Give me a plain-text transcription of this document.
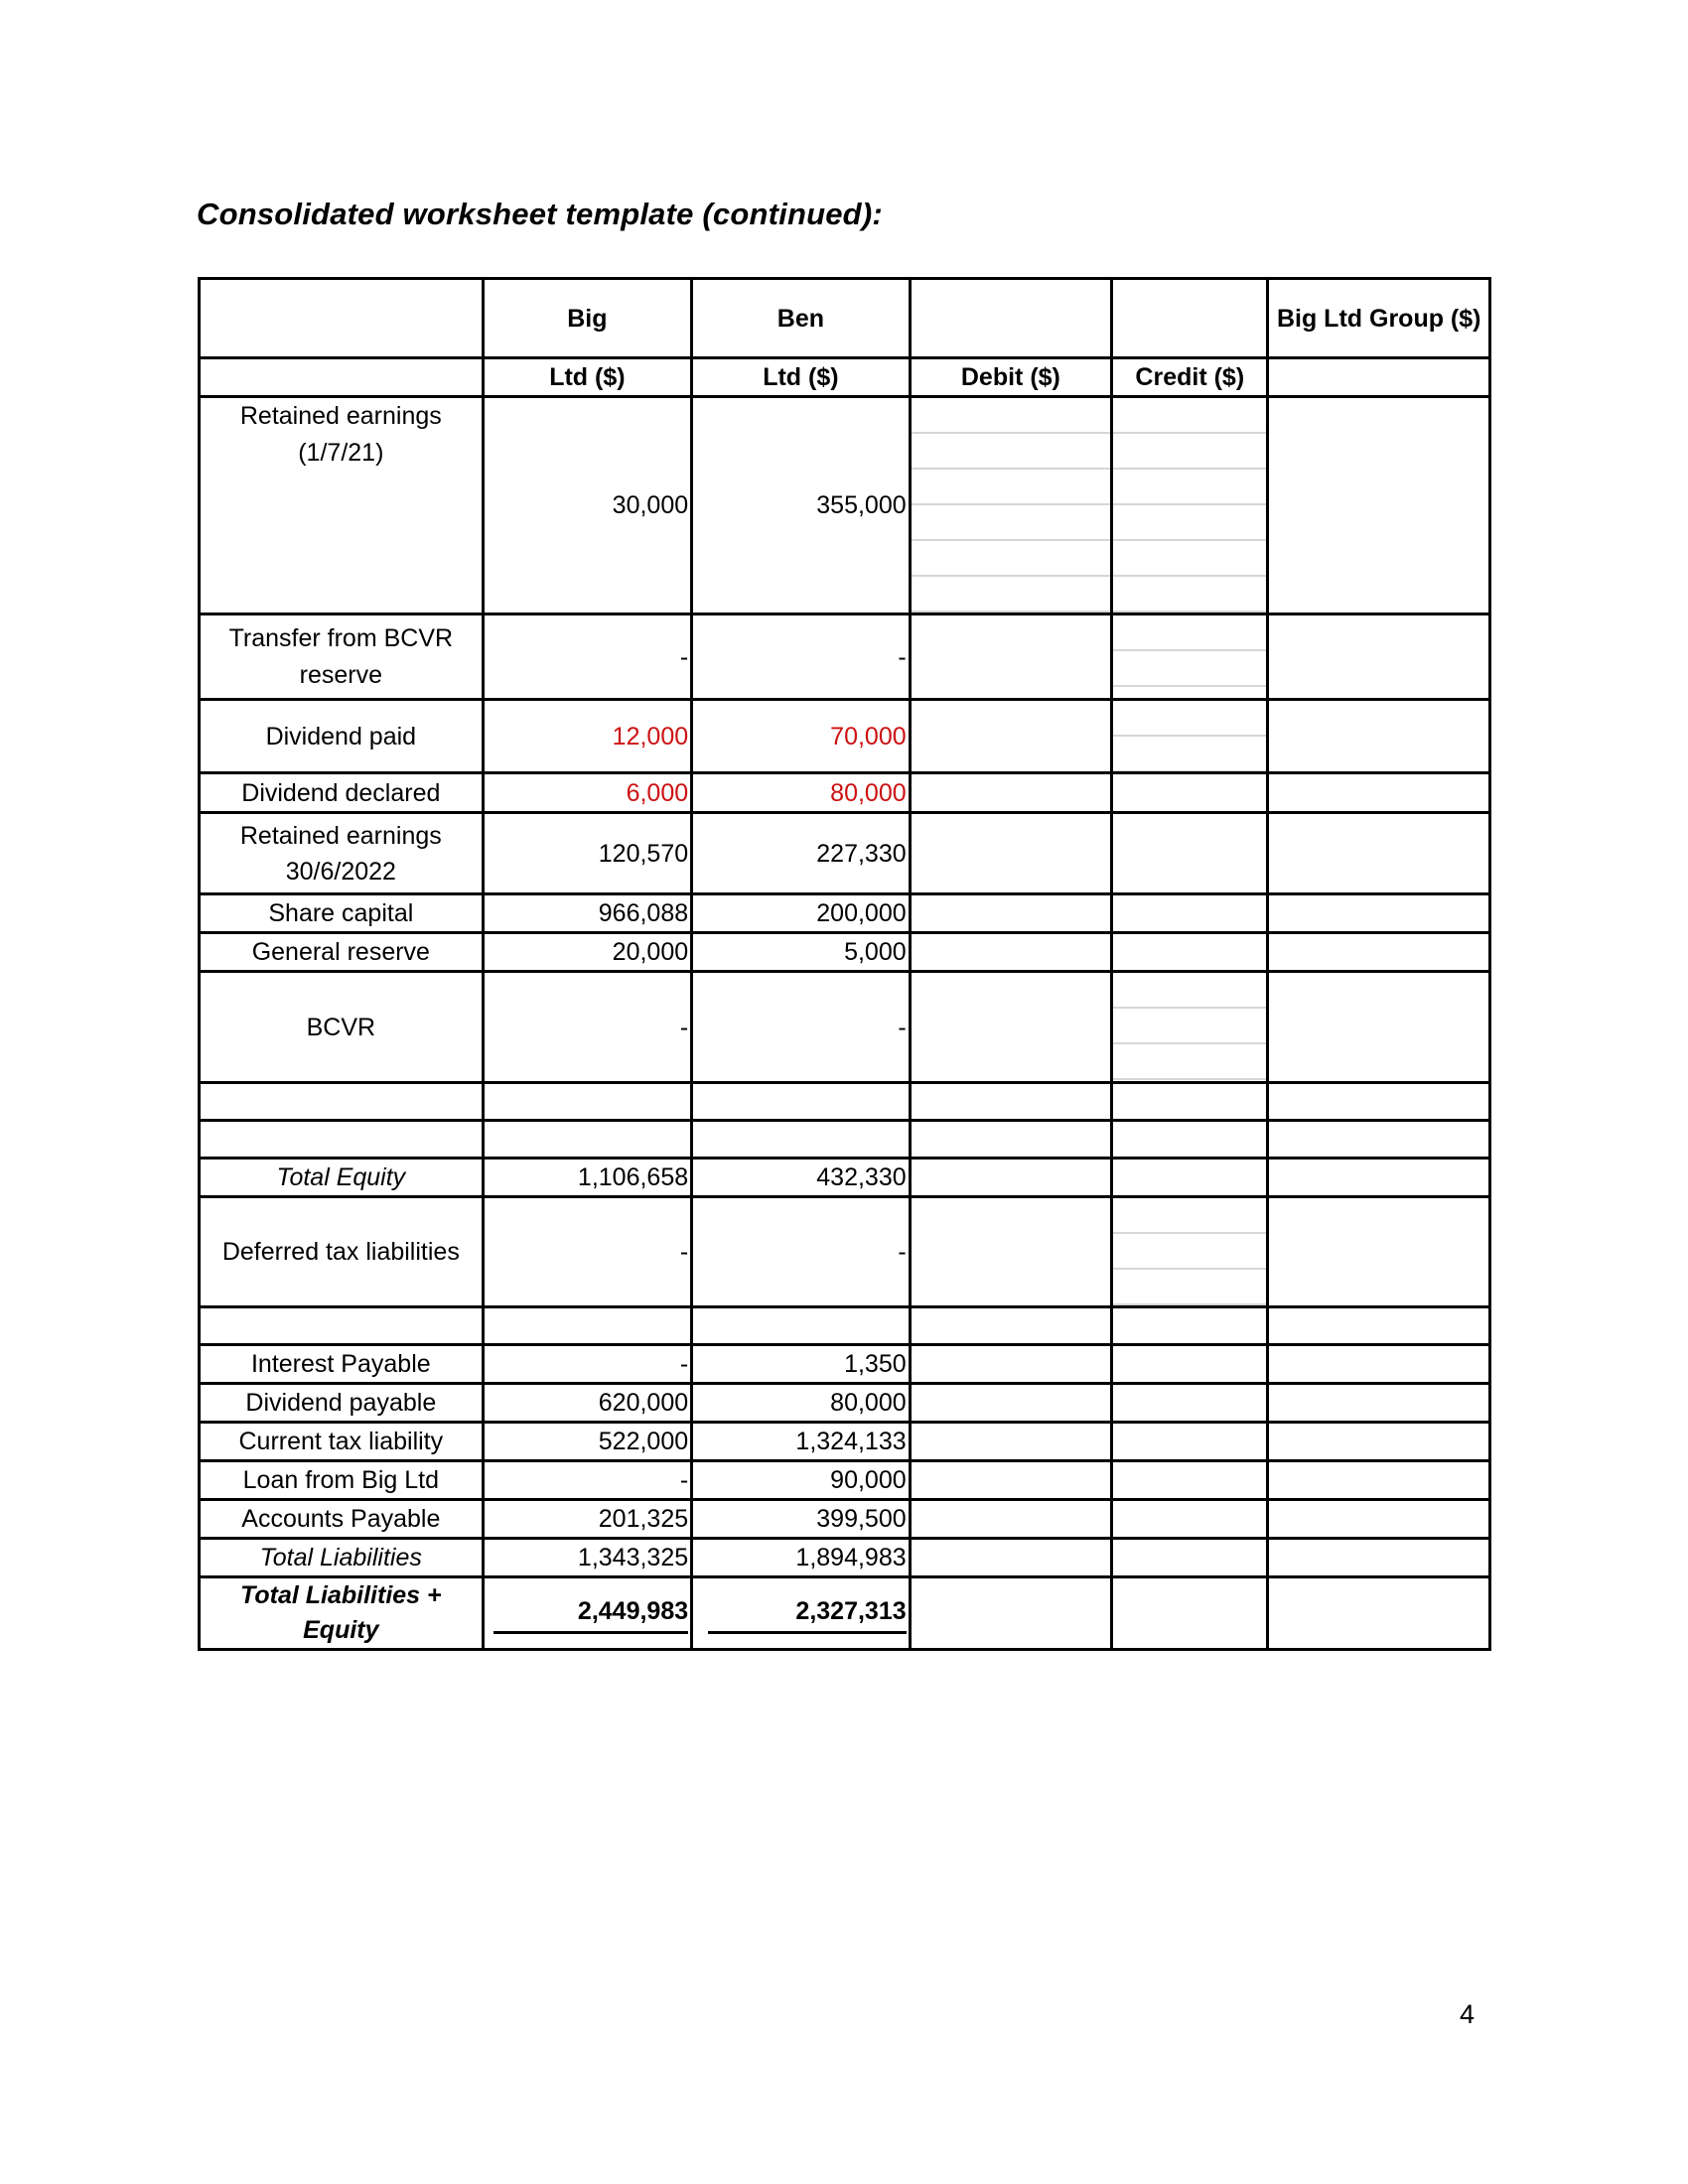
Consolidated worksheet template (continued):
	Big	Ben			Big Ltd Group ($)
	Ltd ($)	Ltd ($)	Debit ($)	Credit ($)	

Retained earnings
(1/7/21)	30,000	355,000			

Transfer from BCVR
reserve	-	-			
Dividend paid	12,000	70,000			
Dividend declared	6,000	80,000			

Retained earnings
30/6/2022	120,570	227,330			
Share capital	966,088	200,000			
General reserve	20,000	5,000			
BCVR	-	-			

Total Equity	1,106,658	432,330			
Deferred tax liabilities	-	-			

Interest Payable	-	1,350			
Dividend payable	620,000	80,000			
Current tax liability	522,000	1,324,133			
Loan from Big Ltd	-	90,000			
Accounts Payable	201,325	399,500			
Total Liabilities	1,343,325	1,894,983			

Total Liabilities +
Equity	2,449,983	2,327,313			
4
